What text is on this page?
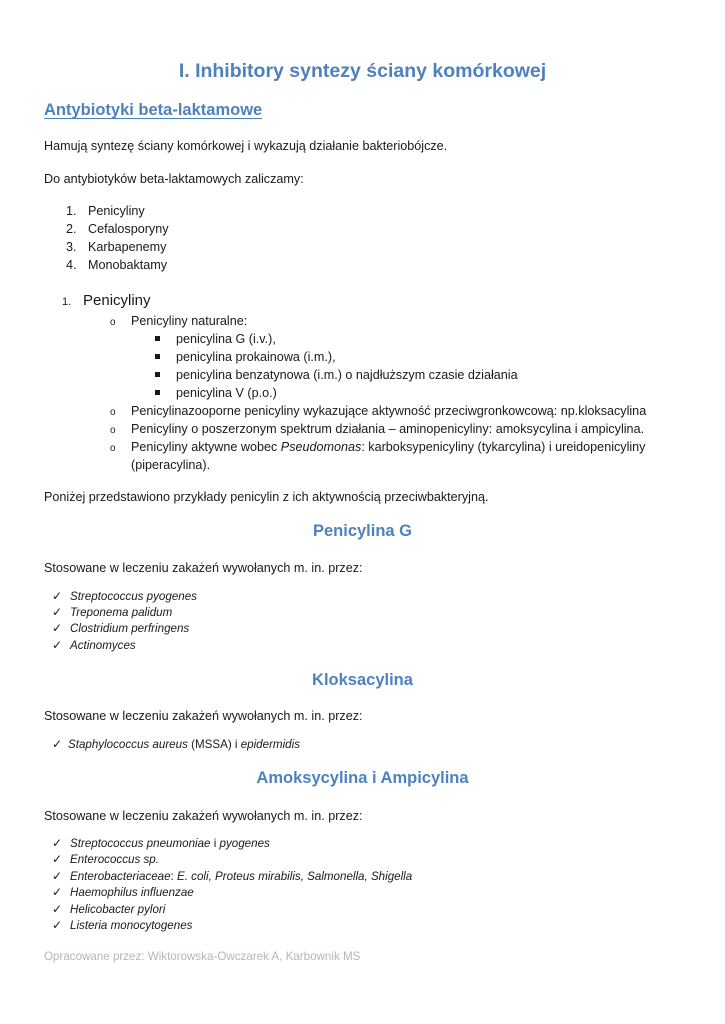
I. Inhibitory syntezy ściany komórkowej
Antybiotyki beta-laktamowe
Hamują syntezę ściany komórkowej i wykazują działanie bakteriobójcze.
Do antybiotyków beta-laktamowych zaliczamy:
1. Penicyliny
2. Cefalosporyny
3. Karbapenemy
4. Monobaktamy
1. Penicyliny
o Penicyliny naturalne:
penicylina G (i.v.),
penicylina prokainowa (i.m.),
penicylina benzatynowa (i.m.) o najdłuższym czasie działania
penicylina V (p.o.)
o Penicylinazooporne penicyliny wykazujące aktywność przeciwgronkowcową: np.kloksacylina
o Penicyliny o poszerzonym spektrum działania – aminopenicyliny: amoksycylina i ampicylina.
o Penicyliny aktywne wobec Pseudomonas: karboksypenicyliny (tykarcylina) i ureidopenicyliny
(piperacylina).
Poniżej przedstawiono przykłady penicylin z ich aktywnością przeciwbakteryjną.
Penicylina G
Stosowane w leczeniu zakażeń wywołanych m. in. przez:
✓ Streptococcus pyogenes
✓ Treponema palidum
✓ Clostridium perfringens
✓ Actinomyces
Kloksacylina
Stosowane w leczeniu zakażeń wywołanych m. in. przez:
✓ Staphylococcus aureus (MSSA) i epidermidis
Amoksycylina i Ampicylina
Stosowane w leczeniu zakażeń wywołanych m. in. przez:
✓ Streptococcus pneumoniae i pyogenes
✓ Enterococcus sp.
✓ Enterobacteriaceae: E. coli, Proteus mirabilis, Salmonella, Shigella
✓ Haemophilus influenzae
✓ Helicobacter pylori
✓ Listeria monocytogenes
Opracowane przez: Wiktorowska-Owczarek A, Karbownik MS
